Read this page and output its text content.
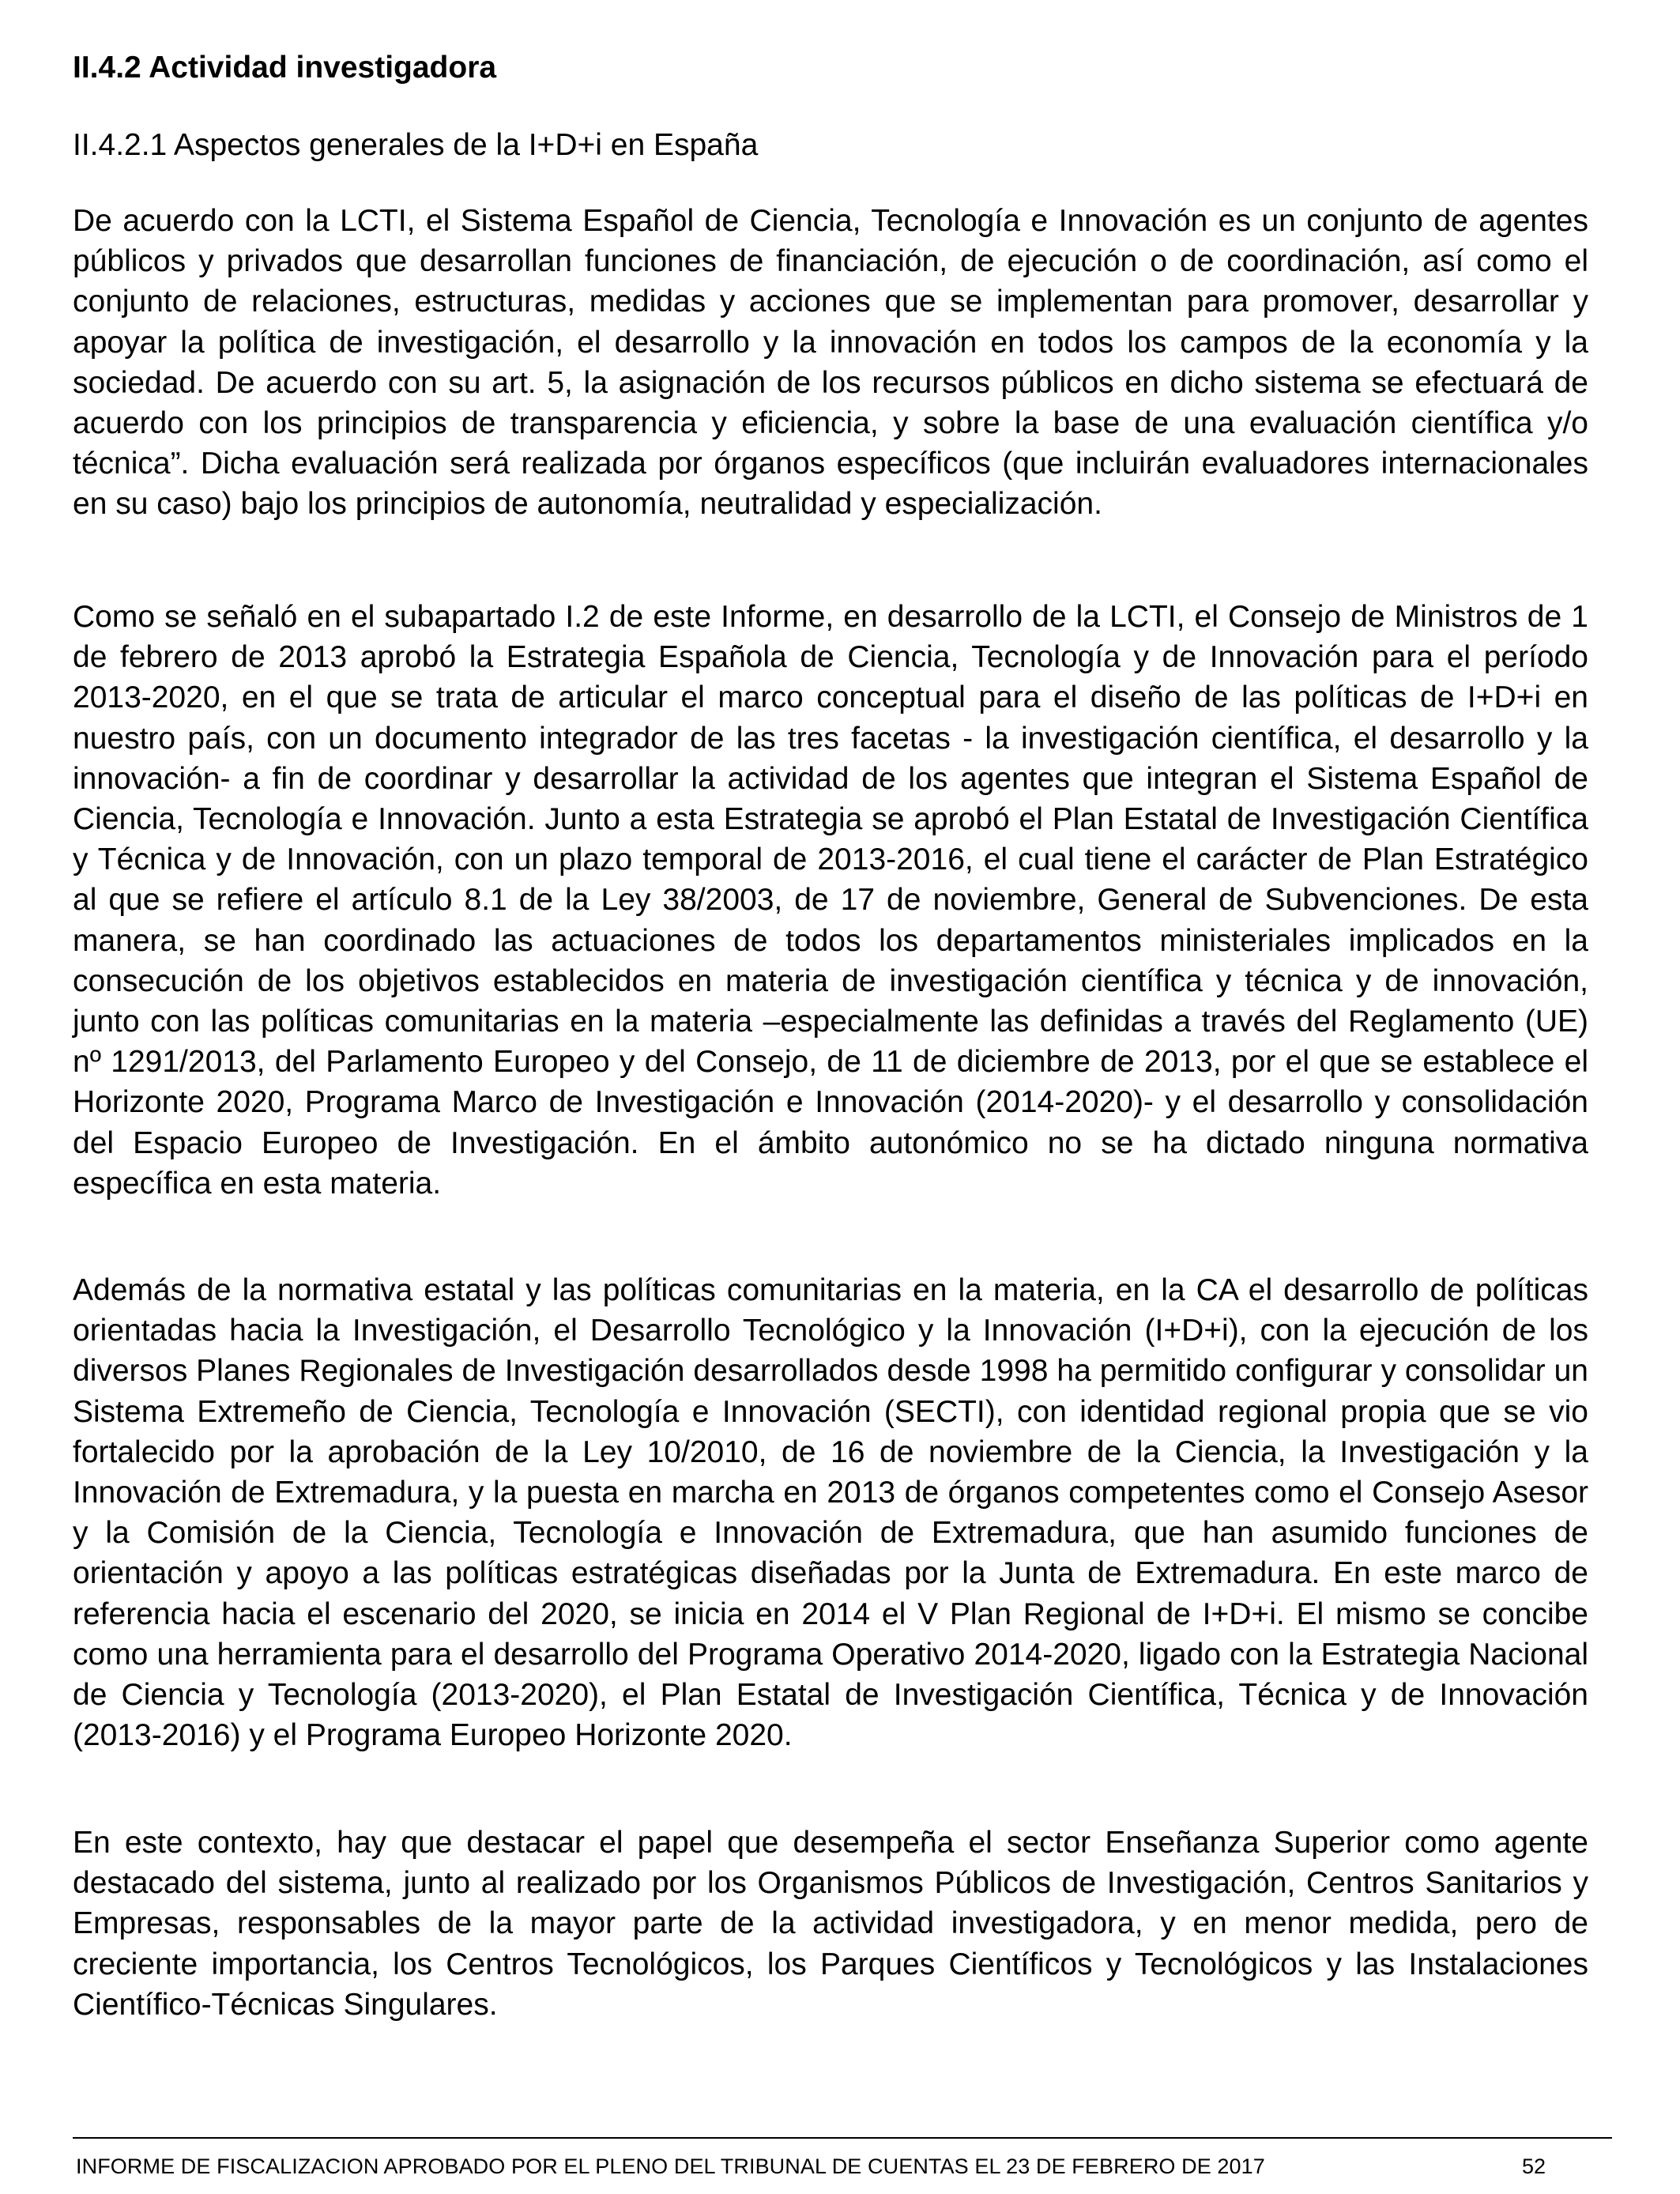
II.4.2 Actividad investigadora
II.4.2.1 Aspectos generales de la I+D+i en España

De acuerdo con la LCTI, el Sistema Español de Ciencia, Tecnología e Innovación es un conjunto de agentes públicos y privados que desarrollan funciones de financiación, de ejecución o de coordinación, así como el conjunto de relaciones, estructuras, medidas y acciones que se implementan para promover, desarrollar y apoyar la política de investigación, el desarrollo y la innovación en todos los campos de la economía y la sociedad. De acuerdo con su art. 5, la asignación de los recursos públicos en dicho sistema se efectuará de acuerdo con los principios de transparencia y eficiencia, y sobre la base de una evaluación científica y/o técnica”. Dicha evaluación será realizada por órganos específicos (que incluirán evaluadores internacionales en su caso) bajo los principios de autonomía, neutralidad y especialización.

Como se señaló en el subapartado I.2 de este Informe, en desarrollo de la LCTI, el Consejo de Ministros de 1 de febrero de 2013 aprobó la Estrategia Española de Ciencia, Tecnología y de Innovación para el período 2013-2020, en el que se trata de articular el marco conceptual para el diseño de las políticas de I+D+i en nuestro país, con un documento integrador de las tres facetas - la investigación científica, el desarrollo y la innovación- a fin de coordinar y desarrollar la actividad de los agentes que integran el Sistema Español de Ciencia, Tecnología e Innovación. Junto a esta Estrategia se aprobó el Plan Estatal de Investigación Científica y Técnica y de Innovación, con un plazo temporal de 2013-2016, el cual tiene el carácter de Plan Estratégico al que se refiere el artículo 8.1 de la Ley 38/2003, de 17 de noviembre, General de Subvenciones. De esta manera, se han coordinado las actuaciones de todos los departamentos ministeriales implicados en la consecución de los objetivos establecidos en materia de investigación científica y técnica y de innovación, junto con las políticas comunitarias en la materia –especialmente las definidas a través del Reglamento (UE) nº 1291/2013, del Parlamento Europeo y del Consejo, de 11 de diciembre de 2013, por el que se establece el Horizonte 2020, Programa Marco de Investigación e Innovación (2014-2020)- y el desarrollo y consolidación del Espacio Europeo de Investigación. En el ámbito autonómico no se ha dictado ninguna normativa específica en esta materia.

Además de la normativa estatal y las políticas comunitarias en la materia, en la CA el desarrollo de políticas orientadas hacia la Investigación, el Desarrollo Tecnológico y la Innovación (I+D+i), con la ejecución de los diversos Planes Regionales de Investigación desarrollados desde 1998 ha permitido configurar y consolidar un Sistema Extremeño de Ciencia, Tecnología e Innovación (SECTI), con identidad regional propia que se vio fortalecido por la aprobación de la Ley 10/2010, de 16 de noviembre de la Ciencia, la Investigación y la Innovación de Extremadura, y la puesta en marcha en 2013 de órganos competentes como el Consejo Asesor y la Comisión de la Ciencia, Tecnología e Innovación de Extremadura, que han asumido funciones de orientación y apoyo a las políticas estratégicas diseñadas por la Junta de Extremadura. En este marco de referencia hacia el escenario del 2020, se inicia en 2014 el V Plan Regional de I+D+i. El mismo se concibe como una herramienta para el desarrollo del Programa Operativo 2014-2020, ligado con la Estrategia Nacional de Ciencia y Tecnología (2013-2020), el Plan Estatal de Investigación Científica, Técnica y de Innovación (2013-2016) y el Programa Europeo Horizonte 2020.

En este contexto, hay que destacar el papel que desempeña el sector Enseñanza Superior como agente destacado del sistema, junto al realizado por los Organismos Públicos de Investigación, Centros Sanitarios y Empresas, responsables de la mayor parte de la actividad investigadora, y en menor medida, pero de creciente importancia, los Centros Tecnológicos, los Parques Científicos y Tecnológicos y las Instalaciones Científico-Técnicas Singulares.

INFORME DE FISCALIZACION APROBADO POR EL PLENO DEL TRIBUNAL DE CUENTAS EL 23 DE FEBRERO DE 2017	52
